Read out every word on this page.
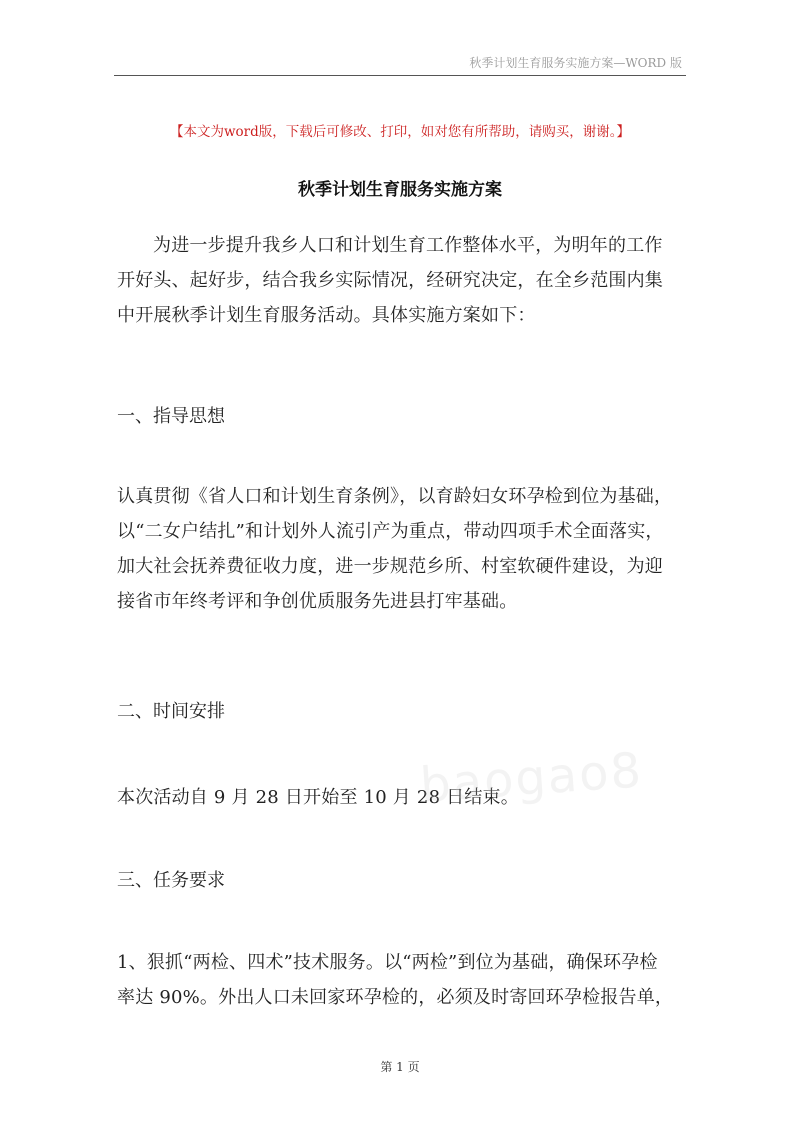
秋季计划生育服务实施方案—WORD 版
【本文为word版，下载后可修改、打印，如对您有所帮助，请购买，谢谢。】
秋季计划生育服务实施方案
为进一步提升我乡人口和计划生育工作整体水平，为明年的工作
开好头、起好步，结合我乡实际情况，经研究决定，在全乡范围内集
中开展秋季计划生育服务活动。具体实施方案如下：
一、指导思想
认真贯彻《省人口和计划生育条例》，以育龄妇女环孕检到位为基础，
以“二女户结扎”和计划外人流引产为重点，带动四项手术全面落实，
加大社会抚养费征收力度，进一步规范乡所、村室软硬件建设，为迎
接省市年终考评和争创优质服务先进县打牢基础。
二、时间安排
本次活动自 9 月 28 日开始至 10 月 28 日结束。
三、任务要求
1、狠抓“两检、四术”技术服务。以“两检”到位为基础，确保环孕检
率达 90%。外出人口未回家环孕检的，必须及时寄回环孕检报告单，
baogao8
第 1 页
